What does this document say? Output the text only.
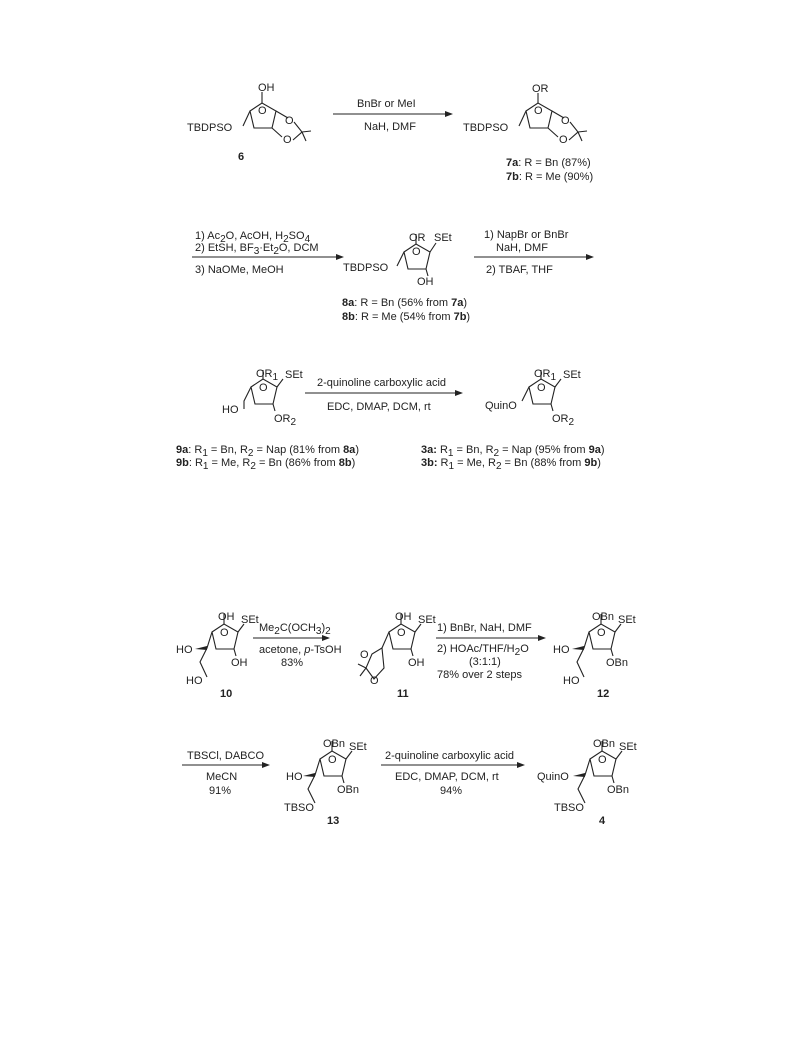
OH
O
O
O
TBDPSO
6
BnBr or MeI
NaH, DMF
OR
O
O
O
TBDPSO
7a: R = Bn (87%)
7b: R = Me (90%)
1) Ac2O, AcOH, H2SO4
2) EtSH, BF3·Et2O, DCM
3) NaOMe, MeOH
OR SEt
O
OH
TBDPSO
8a: R = Bn (56% from 7a)
8b: R = Me (54% from 7b)
1) NapBr or BnBr
NaH, DMF
2) TBAF, THF
OR1 SEt
O
OR2
HO
9a: R1 = Bn, R2 = Nap (81% from 8a)
9b: R1 = Me, R2 = Bn (86% from 8b)
2-quinoline carboxylic acid
EDC, DMAP, DCM, rt
OR1 SEt
O
OR2
QuinO
3a: R1 = Bn, R2 = Nap (95% from 9a)
3b: R1 = Me, R2 = Bn (88% from 9b)
OH SEt
O
OH
HO
HO
10
Me2C(OCH3)2
acetone, p-TsOH
83%
OH SEt
O
OH
O
O
11
1) BnBr, NaH, DMF
2) HOAc/THF/H2O
(3:1:1)
78% over 2 steps
OBn SEt
O
OBn
HO
HO
12
TBSCl, DABCO
MeCN
91%
OBn SEt
O
OBn
HO
TBSO
13
2-quinoline carboxylic acid
EDC, DMAP, DCM, rt
94%
OBn SEt
O
OBn
QuinO
TBSO
4
